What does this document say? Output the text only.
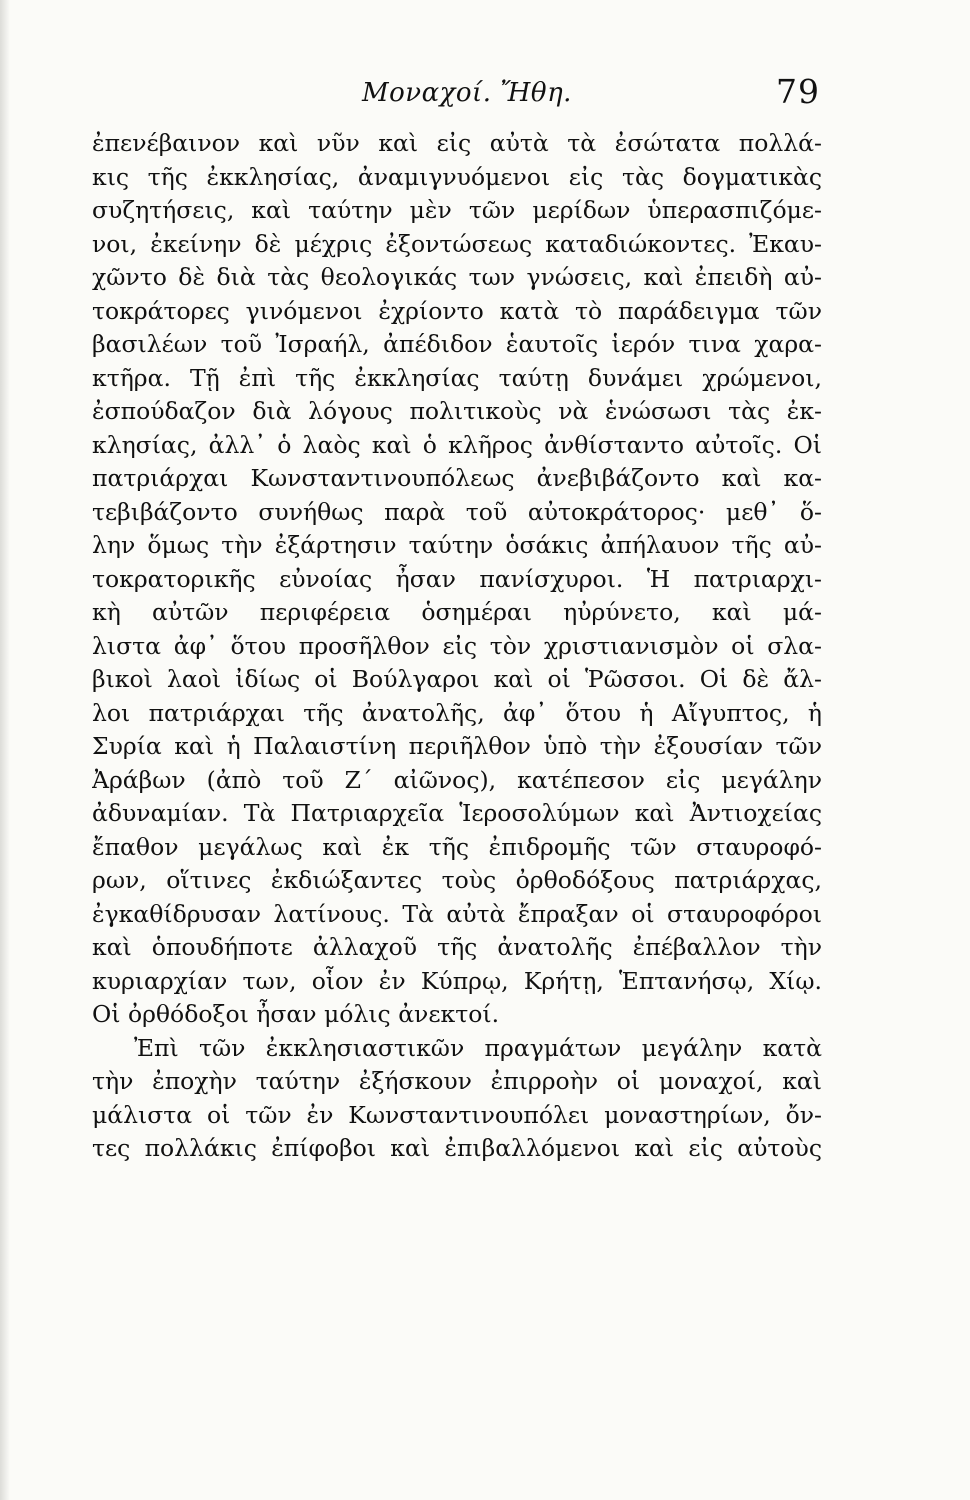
Μοναχοί. Ἤθη.	79
ἐπενέβαινον καὶ νῦν καὶ εἰς αὐτὰ τὰ ἐσώτατα πολλά-
κις τῆς ἐκκλησίας, ἀναμιγνυόμενοι εἰς τὰς δογματικὰς
συζητήσεις, καὶ ταύτην μὲν τῶν μερίδων ὑπερασπιζόμε-
νοι, ἐκείνην δὲ μέχρις ἐξοντώσεως καταδιώκοντες. Ἐκαυ-
χῶντο δὲ διὰ τὰς θεολογικάς των γνώσεις, καὶ ἐπειδὴ αὐ-
τοκράτορες γινόμενοι ἐχρίοντο κατὰ τὸ παράδειγμα τῶν
βασιλέων τοῦ Ἰσραήλ, ἀπέδιδον ἑαυτοῖς ἱερόν τινα χαρα-
κτῆρα. Τῇ ἐπὶ τῆς ἐκκλησίας ταύτῃ δυνάμει χρώμενοι,
ἐσπούδαζον διὰ λόγους πολιτικοὺς νὰ ἑνώσωσι τὰς ἐκ-
κλησίας, ἀλλ᾽ ὁ λαὸς καὶ ὁ κλῆρος ἀνθίσταντο αὐτοῖς. Οἱ
πατριάρχαι Κωνσταντινουπόλεως ἀνεβιβάζοντο καὶ κα-
τεβιβάζοντο συνήθως παρὰ τοῦ αὐτοκράτορος· μεθ᾽ ὅ-
λην ὅμως τὴν ἐξάρτησιν ταύτην ὁσάκις ἀπήλαυον τῆς αὐ-
τοκρατορικῆς εὐνοίας ἦσαν πανίσχυροι. Ἡ πατριαρχι-
κὴ αὐτῶν περιφέρεια ὁσημέραι ηὐρύνετο, καὶ μά-
λιστα ἀφ᾽ ὅτου προσῆλθον εἰς τὸν χριστιανισμὸν οἱ σλα-
βικοὶ λαοὶ ἰδίως οἱ Βούλγαροι καὶ οἱ Ῥῶσσοι. Οἱ δὲ ἄλ-
λοι πατριάρχαι τῆς ἀνατολῆς, ἀφ᾽ ὅτου ἡ Αἴγυπτος, ἡ
Συρία καὶ ἡ Παλαιστίνη περιῆλθον ὑπὸ τὴν ἐξουσίαν τῶν
Ἀράβων (ἀπὸ τοῦ Ζ΄ αἰῶνος), κατέπεσον εἰς μεγάλην
ἀδυναμίαν. Τὰ Πατριαρχεῖα Ἱεροσολύμων καὶ Ἀντιοχείας
ἔπαθον μεγάλως καὶ ἐκ τῆς ἐπιδρομῆς τῶν σταυροφό-
ρων, οἵτινες ἐκδιώξαντες τοὺς ὀρθοδόξους πατριάρχας,
ἐγκαθίδρυσαν λατίνους. Τὰ αὐτὰ ἔπραξαν οἱ σταυροφόροι
καὶ ὁπουδήποτε ἀλλαχοῦ τῆς ἀνατολῆς ἐπέβαλλον τὴν
κυριαρχίαν των, οἷον ἐν Κύπρῳ, Κρήτῃ, Ἑπτανήσῳ, Χίῳ.
Οἱ ὀρθόδοξοι ἦσαν μόλις ἀνεκτοί.
Ἐπὶ τῶν ἐκκλησιαστικῶν πραγμάτων μεγάλην κατὰ
τὴν ἐποχὴν ταύτην ἐξήσκουν ἐπιρροὴν οἱ μοναχοί, καὶ
μάλιστα οἱ τῶν ἐν Κωνσταντινουπόλει μοναστηρίων, ὄν-
τες πολλάκις ἐπίφοβοι καὶ ἐπιβαλλόμενοι καὶ εἰς αὐτοὺς
